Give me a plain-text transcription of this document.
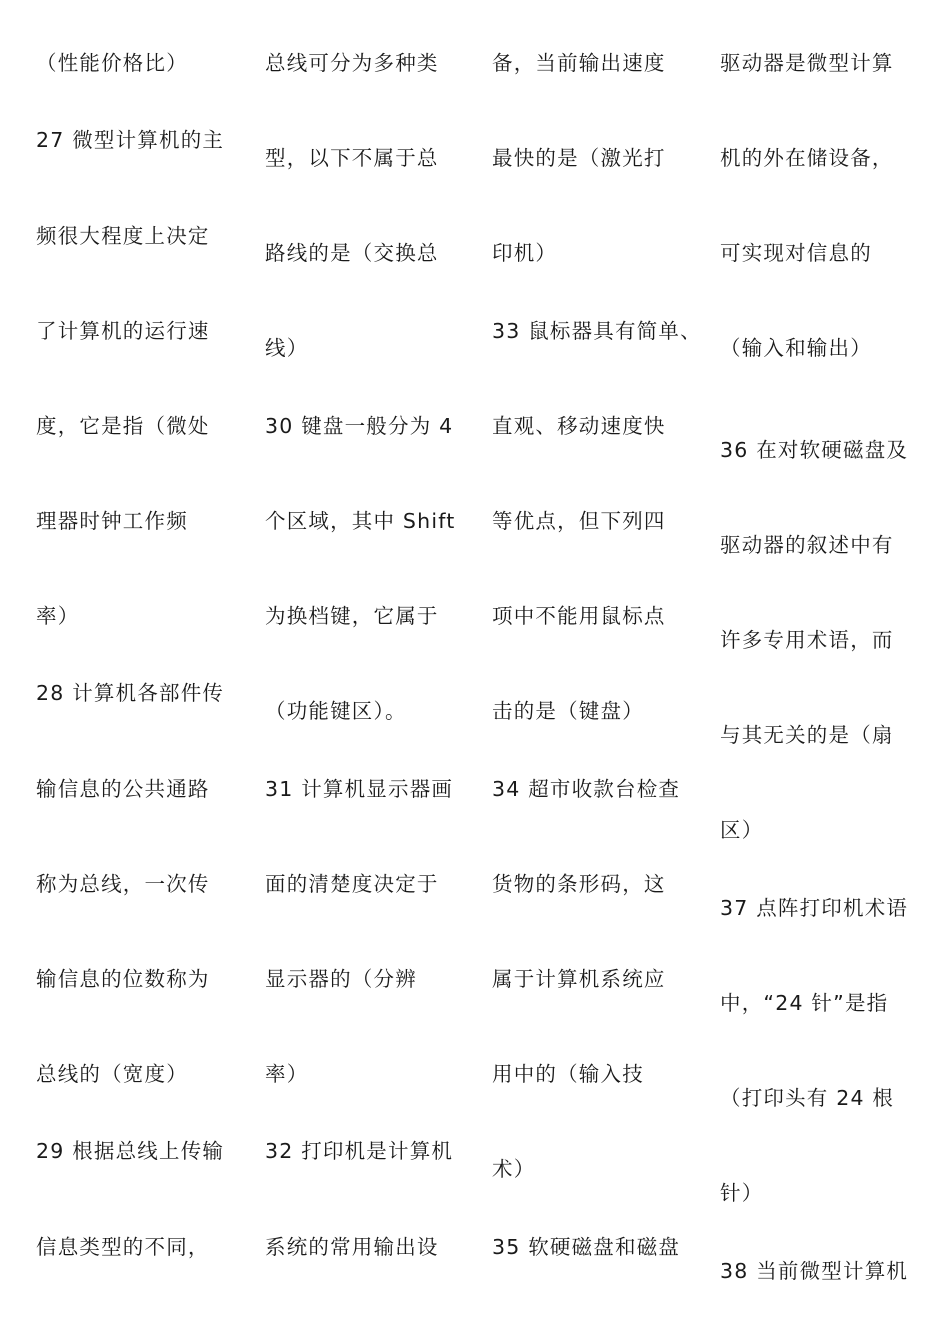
（性能价格比）
27 微型计算机的主
频很大程度上决定
了计算机的运行速
度，它是指（微处
理器时钟工作频
率）
28 计算机各部件传
输信息的公共通路
称为总线，一次传
输信息的位数称为
总线的（宽度）
29 根据总线上传输
信息类型的不同，
总线可分为多种类
型，以下不属于总
路线的是（交换总
线）
30 键盘一般分为 4
个区域，其中 Shift
为换档键，它属于
（功能键区）。
31 计算机显示器画
面的清楚度决定于
显示器的（分辨
率）
32 打印机是计算机
系统的常用输出设
备，当前输出速度
最快的是（激光打
印机）
33 鼠标器具有简单、
直观、移动速度快
等优点，但下列四
项中不能用鼠标点
击的是（键盘）
34 超市收款台检查
货物的条形码，这
属于计算机系统应
用中的（输入技
术）
35 软硬磁盘和磁盘
驱动器是微型计算
机的外在储设备，
可实现对信息的
（输入和输出）
36 在对软硬磁盘及
驱动器的叙述中有
许多专用术语，而
与其无关的是（扇
区）
37 点阵打印机术语
中，“24 针”是指
（打印头有 24 根
针）
38 当前微型计算机
